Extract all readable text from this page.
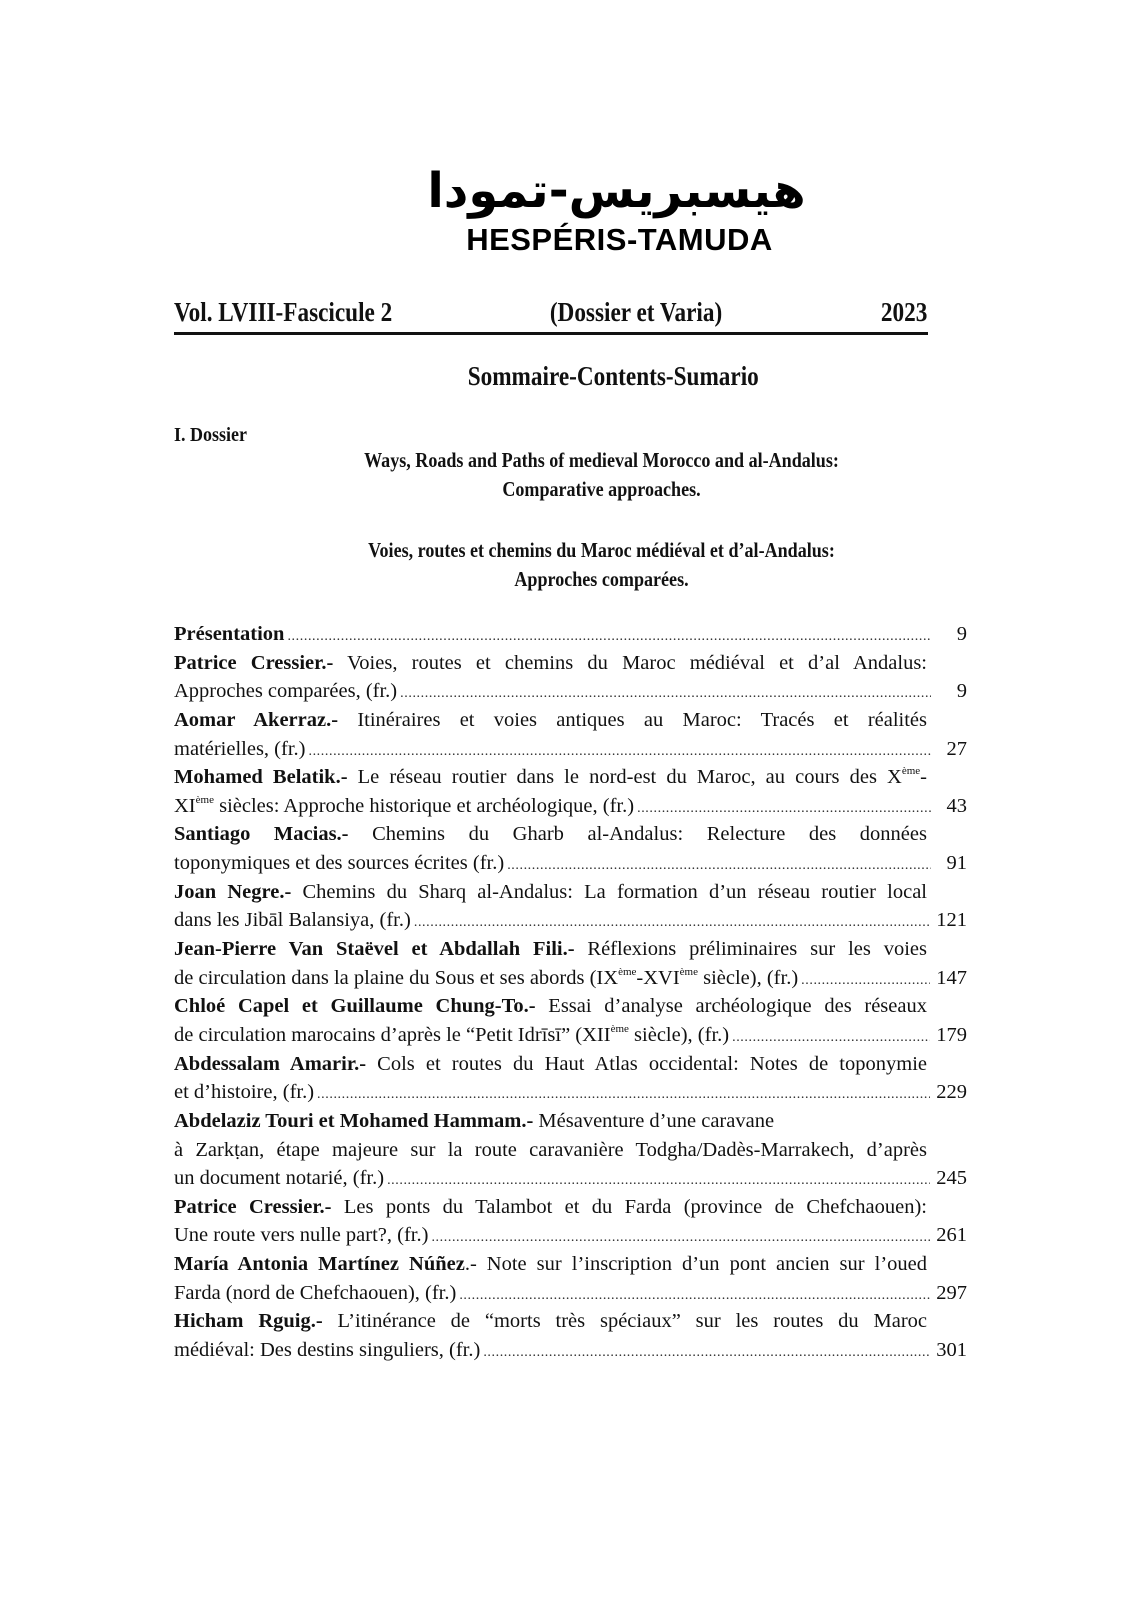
هيسبريس-تمودا
HESPÉRIS-TAMUDA
Vol. LVIII-Fascicule 2	(Dossier et Varia)	2023
Sommaire-Contents-Sumario
I. Dossier
Ways, Roads and Paths of medieval Morocco and al-Andalus:
Comparative approaches.
Voies, routes et chemins du Maroc médiéval et d’al-Andalus:
Approches comparées.
Présentation .....	9
Patrice Cressier.- Voies, routes et chemins du Maroc médiéval et d’al Andalus:
Approches comparées, (fr.) .....	9
Aomar Akerraz.- Itinéraires et voies antiques au Maroc: Tracés et réalités
matérielles, (fr.) .....	27
Mohamed Belatik.- Le réseau routier dans le nord-est du Maroc, au cours des Xème-
XIème siècles: Approche historique et archéologique, (fr.) .....	43
Santiago Macias.- Chemins du Gharb al-Andalus: Relecture des données
toponymiques et des sources écrites (fr.) .....	91
Joan Negre.- Chemins du Sharq al-Andalus: La formation d’un réseau routier local
dans les Jibāl Balansiya, (fr.) .....	121
Jean-Pierre Van Staëvel et Abdallah Fili.- Réflexions préliminaires sur les voies
de circulation dans la plaine du Sous et ses abords (IXème-XVIème siècle), (fr.) .....	147
Chloé Capel et Guillaume Chung-To.- Essai d’analyse archéologique des réseaux
de circulation marocains d’après le “Petit Idrīsī” (XIIème siècle), (fr.) .....	179
Abdessalam Amarir.- Cols et routes du Haut Atlas occidental: Notes de toponymie
et d’histoire, (fr.) .....	229
Abdelaziz Touri et Mohamed Hammam.- Mésaventure d’une caravane
à Zarkṭan, étape majeure sur la route caravanière Todgha/Dadès-Marrakech, d’après
un document notarié, (fr.) .....	245
Patrice Cressier.- Les ponts du Talambot et du Farda (province de Chefchaouen):
Une route vers nulle part?, (fr.) .....	261
María Antonia Martínez Núñez.- Note sur l’inscription d’un pont ancien sur l’oued
Farda (nord de Chefchaouen), (fr.) .....	297
Hicham Rguig.- L’itinérance de “morts très spéciaux” sur les routes du Maroc
médiéval: Des destins singuliers, (fr.) .....	301
